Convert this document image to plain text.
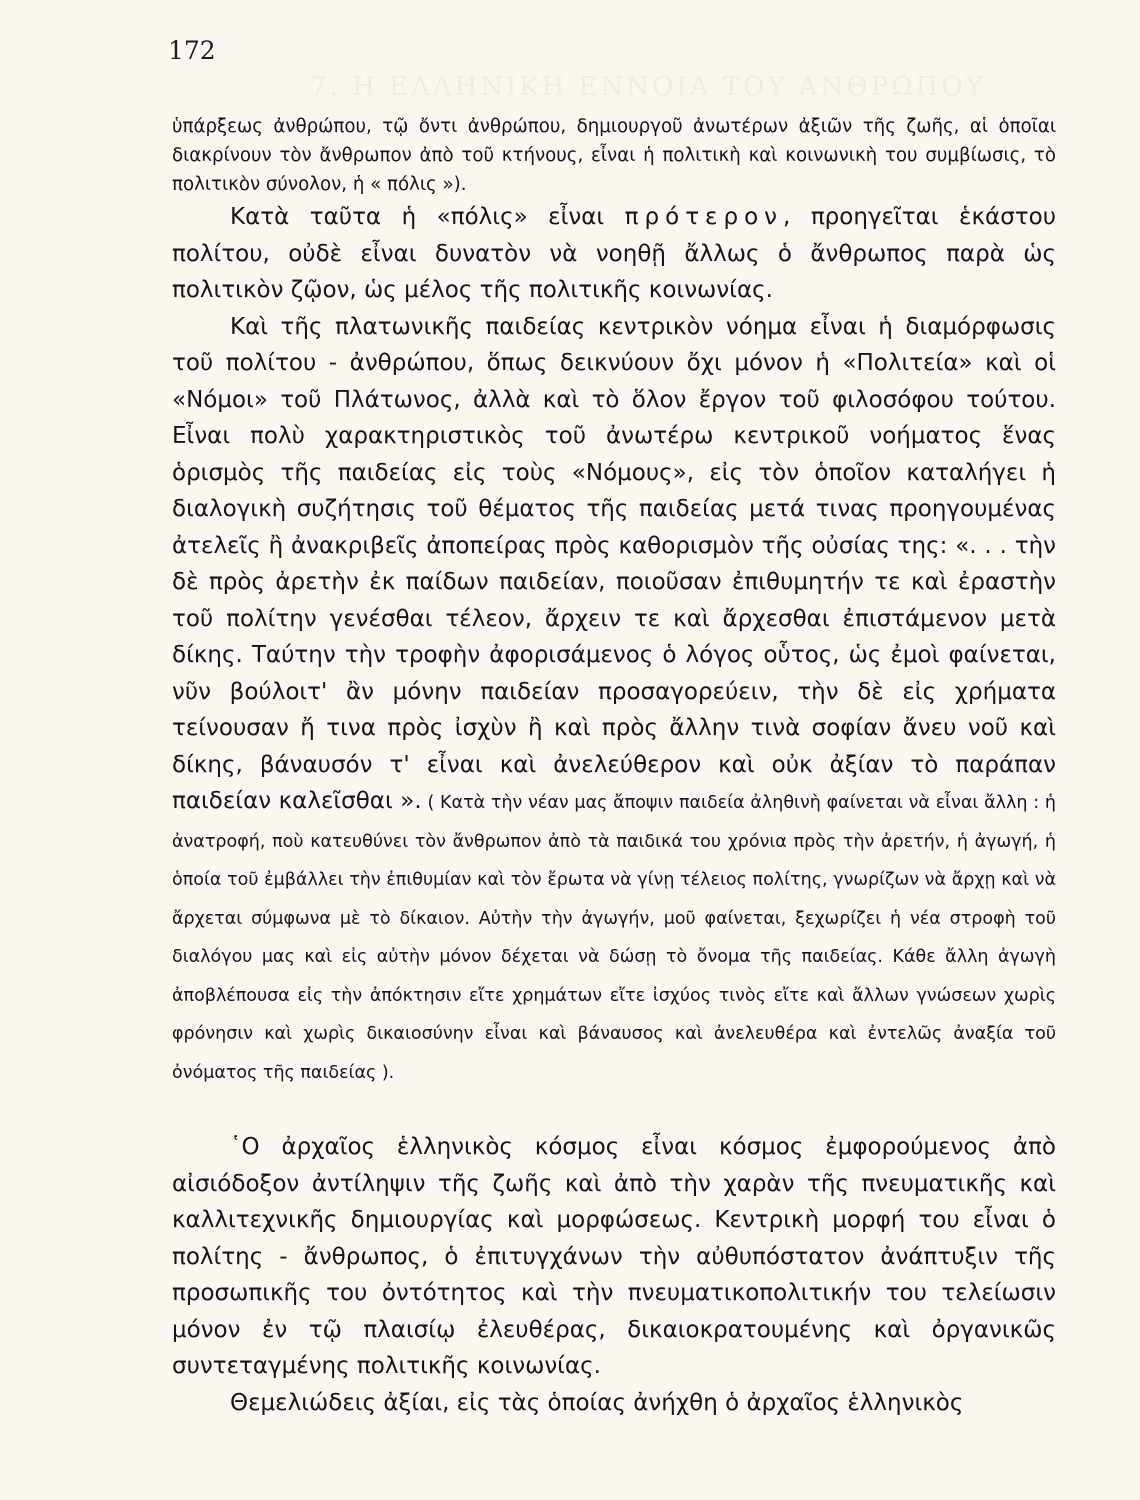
7. Η ΕΛΛΗΝΙΚΗ ΕΝΝΟΙΑ ΤΟΥ ΑΝΘΡΩΠΟΥ
172

ὑπάρξεως ἀνθρώπου, τῷ ὄντι ἀνθρώπου, δημιουργοῦ ἀνωτέρων ἀξιῶν τῆς ζωῆς, αἱ ὁποῖαι διακρίνουν τὸν ἄνθρωπον ἀπὸ τοῦ κτήνους, εἶναι ἡ πολιτικὴ καὶ κοινωνικὴ του συμβίωσις, τὸ πολιτικὸν σύνολον, ἡ « πόλις »).

Κατὰ ταῦτα ἡ «πόλις» εἶναι πρότερον, προηγεῖται ἑκάστου πολίτου, οὐδὲ εἶναι δυνατὸν νὰ νοηθῇ ἄλλως ὁ ἄνθρωπος παρὰ ὡς πολιτικὸν ζῷον, ὡς μέλος τῆς πολιτικῆς κοινωνίας.

Καὶ τῆς πλατωνικῆς παιδείας κεντρικὸν νόημα εἶναι ἡ διαμόρφωσις τοῦ πολίτου - ἀνθρώπου, ὅπως δεικνύουν ὄχι μόνον ἡ «Πολιτεία» καὶ οἱ «Νόμοι» τοῦ Πλάτωνος, ἀλλὰ καὶ τὸ ὅλον ἔργον τοῦ φιλοσόφου τούτου. Εἶναι πολὺ χαρακτηριστικὸς τοῦ ἀνωτέρω κεντρικοῦ νοήματος ἕνας ὁρισμὸς τῆς παιδείας εἰς τοὺς «Νόμους», εἰς τὸν ὁποῖον καταλήγει ἡ διαλογικὴ συζήτησις τοῦ θέματος τῆς παιδείας μετά τινας προηγουμένας ἀτελεῖς ἢ ἀνακριβεῖς ἀποπείρας πρὸς καθορισμὸν τῆς οὐσίας της: «. . . τὴν δὲ πρὸς ἀρετὴν ἐκ παίδων παιδείαν, ποιοῦσαν ἐπιθυμητήν τε καὶ ἐραστὴν τοῦ πολίτην γενέσθαι τέλεον, ἄρχειν τε καὶ ἄρχεσθαι ἐπιστάμενον μετὰ δίκης. Ταύτην τὴν τροφὴν ἀφορισάμενος ὁ λόγος οὗτος, ὡς ἐμοὶ φαίνεται, νῦν βούλοιτ' ἂν μόνην παιδείαν προσαγορεύειν, τὴν δὲ εἰς χρήματα τείνουσαν ἤ τινα πρὸς ἰσχὺν ἢ καὶ πρὸς ἄλλην τινὰ σοφίαν ἄνευ νοῦ καὶ δίκης, βάναυσόν τ' εἶναι καὶ ἀνελεύθερον καὶ οὐκ ἀξίαν τὸ παράπαν παιδείαν καλεῖσθαι ». ( Κατὰ τὴν νέαν μας ἄποψιν παιδεία ἀληθινὴ φαίνεται νὰ εἶναι ἄλλη : ἡ ἀνατροφή, ποὺ κατευθύνει τὸν ἄνθρωπον ἀπὸ τὰ παιδικά του χρόνια πρὸς τὴν ἀρετήν, ἡ ἀγωγή, ἡ ὁποία τοῦ ἐμβάλλει τὴν ἐπιθυμίαν καὶ τὸν ἔρωτα νὰ γίνῃ τέλειος πολίτης, γνωρίζων νὰ ἄρχῃ καὶ νὰ ἄρχεται σύμφωνα μὲ τὸ δίκαιον. Αὐτὴν τὴν ἀγωγήν, μοῦ φαίνεται, ξεχωρίζει ἡ νέα στροφὴ τοῦ διαλόγου μας καὶ εἰς αὐτὴν μόνον δέχεται νὰ δώσῃ τὸ ὄνομα τῆς παιδείας. Κάθε ἄλλη ἀγωγὴ ἀποβλέπουσα εἰς τὴν ἀπόκτησιν εἴτε χρημάτων εἴτε ἰσχύος τινὸς εἴτε καὶ ἄλλων γνώσεων χωρὶς φρόνησιν καὶ χωρὶς δικαιοσύνην εἶναι καὶ βάναυσος καὶ ἀνελευθέρα καὶ ἐντελῶς ἀναξία τοῦ ὀνόματος τῆς παιδείας ).

῾Ο ἀρχαῖος ἑλληνικὸς κόσμος εἶναι κόσμος ἐμφορούμενος ἀπὸ αἰσιόδοξον ἀντίληψιν τῆς ζωῆς καὶ ἀπὸ τὴν χαρὰν τῆς πνευματικῆς καὶ καλλιτεχνικῆς δημιουργίας καὶ μορφώσεως. Κεντρικὴ μορφή του εἶναι ὁ πολίτης - ἄνθρωπος, ὁ ἐπιτυγχάνων τὴν αὐθυπόστατον ἀνάπτυξιν τῆς προσωπικῆς του ὀντότητος καὶ τὴν πνευματικοπολιτικήν του τελείωσιν μόνον ἐν τῷ πλαισίῳ ἐλευθέρας, δικαιοκρατουμένης καὶ ὀργανικῶς συντεταγμένης πολιτικῆς κοινωνίας.

Θεμελιώδεις ἀξίαι, εἰς τὰς ὁποίας ἀνήχθη ὁ ἀρχαῖος ἑλληνικὸς
